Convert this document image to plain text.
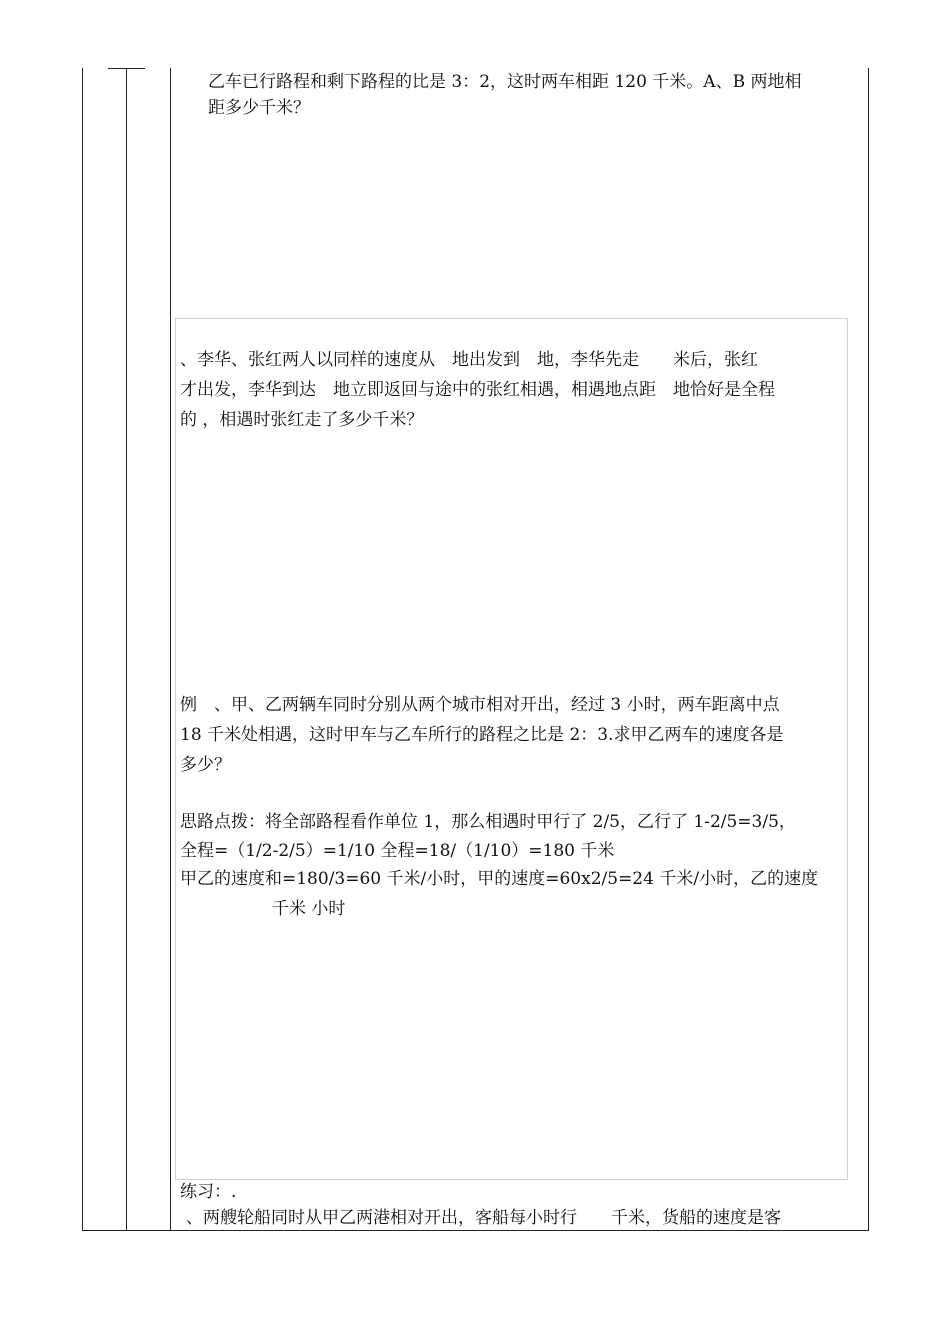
乙车已行路程和剩下路程的比是 3：2，这时两车相距 120 千米。A、B 两地相
距多少千米？
、李华、张红两人以同样的速度从　地出发到　地，李华先走　　米后，张红
才出发，李华到达　地立即返回与途中的张红相遇，相遇地点距　地恰好是全程
的 ，相遇时张红走了多少千米？
例　、甲、乙两辆车同时分别从两个城市相对开出，经过 3 小时，两车距离中点
18 千米处相遇，这时甲车与乙车所行的路程之比是 2：3.求甲乙两车的速度各是
多少？
思路点拨：将全部路程看作单位 1，那么相遇时甲行了 2/5，乙行了 1-2/5=3/5，
全程=（1/2-2/5）=1/10 全程=18/（1/10）=180 千米
甲乙的速度和=180/3=60 千米/小时，甲的速度=60x2/5=24 千米/小时，乙的速度
千米 小时
练习：.
、两艘轮船同时从甲乙两港相对开出，客船每小时行　　千米，货船的速度是客
